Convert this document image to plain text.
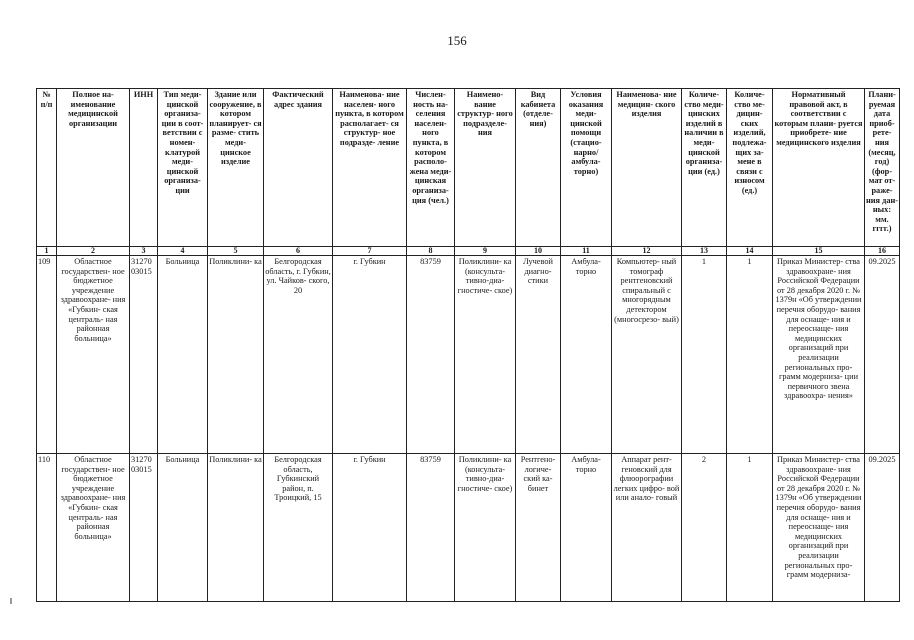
156
№ п/п	Полное на- именование медицинской организации	ИНН	Тип меди- цинской организа- ции в соот- ветствии с номен- клатурой меди- цинской организа- ции	Здание или сооружение, в котором планирует- ся разме- стить меди- цинское изделие	Фактический адрес здания	Наименова- ние населен- ного пункта, в котором располагает- ся структур- ное подразде- ление	Числен- ность на- селения населен- ного пункта, в котором располо- жена меди- цинская организа- ция (чел.)	Наимено- вание структур- ного подразделе- ния	Вид кабинета (отделе- ния)	Условия оказания меди- цинской помощи (стацио- нарно/ амбула- торно)	Наименова- ние медицин- ского изделия	Количе- ство меди- цинских изделий в наличии в меди- цинской организа- ции (ед.)	Количе- ство ме- дицин- ских изделий, подлежа- щих за- мене в связи с износом (ед.)	Нормативный правовой акт, в соответствии с которым плани- руется приобрете- ние медицинского изделия	Плани- руемая дата приоб- рете- ния (месяц, год) (фор- мат от- раже- ния дан- ных: мм. гггг.)
1	2	3	4	5	6	7	8	9	10	11	12	13	14	15	16
109	Областное государствен- ное бюджетное учреждение здравоохране- ния «Губкин- ская централь- ная районная больница»	31270 03015	Больница	Поликлини- ка	Белгородская область, г. Губкин, ул. Чайков- ского, 20	г. Губкин	83759	Поликлини- ка (консульта- тивно-диа- гностиче- ское)	Лучевой диагно- стики	Амбула- торно	Компьютер- ный томограф рентгеновский спиральный с многорядным детектором (многосрезо- вый)	1	1	Приказ Министер- ства здравоохране- ния Российской Федерации от 28 декабря 2020 г. № 1379н «Об утверждении перечня оборудо- вания для оснаще- ния и переоснаще- ния медицинских организаций при реализации региональных про- грамм модерниза- ции первичного звена здравоохра- нения»	09.2025
110	Областное государствен- ное бюджетное учреждение здравоохране- ния «Губкин- ская централь- ная районная больница»	31270 03015	Больница	Поликлини- ка	Белгородская область, Губкинский район, п. Троицкий, 15	г. Губкин	83759	Поликлини- ка (консульта- тивно-диа- гностиче- ское)	Рентгено- логиче- ский ка- бинет	Амбула- торно	Аппарат рент- геновский для флюорографии легких цифро- вой или анало- говый	2	1	Приказ Министер- ства здравоохране- ния Российской Федерации от 28 декабря 2020 г. № 1379н «Об утверждении перечня оборудо- вания для оснаще- ния и переоснаще- ния медицинских организаций при реализации региональных про- грамм модерниза-	09.2025
